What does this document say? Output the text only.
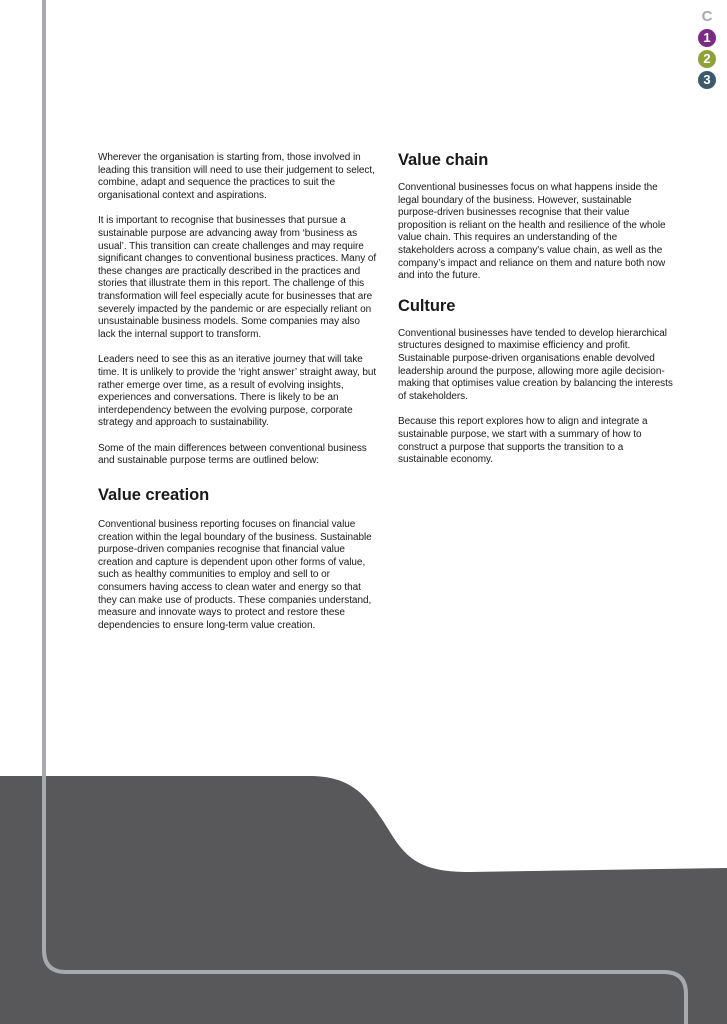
C
1
2
3

Wherever the organisation is starting from, those involved in leading this transition will need to use their judgement to select, combine, adapt and sequence the practices to suit the organisational context and aspirations.

It is important to recognise that businesses that pursue a sustainable purpose are advancing away from ‘business as usual’. This transition can create challenges and may require significant changes to conventional business practices. Many of these changes are practically described in the practices and stories that illustrate them in this report. The challenge of this transformation will feel especially acute for businesses that are severely impacted by the pandemic or are especially reliant on unsustainable business models. Some companies may also lack the internal support to transform.

Leaders need to see this as an iterative journey that will take time. It is unlikely to provide the ‘right answer’ straight away, but rather emerge over time, as a result of evolving insights, experiences and conversations. There is likely to be an interdependency between the evolving purpose, corporate strategy and approach to sustainability.

Some of the main differences between conventional business and sustainable purpose terms are outlined below:

Value creation

Conventional business reporting focuses on financial value creation within the legal boundary of the business. Sustainable purpose-driven companies recognise that financial value creation and capture is dependent upon other forms of value, such as healthy communities to employ and sell to or consumers having access to clean water and energy so that they can make use of products. These companies understand, measure and innovate ways to protect and restore these dependencies to ensure long-term value creation.

Value chain

Conventional businesses focus on what happens inside the legal boundary of the business. However, sustainable purpose-driven businesses recognise that their value proposition is reliant on the health and resilience of the whole value chain. This requires an understanding of the stakeholders across a company’s value chain, as well as the company’s impact and reliance on them and nature both now and into the future.

Culture

Conventional businesses have tended to develop hierarchical structures designed to maximise efficiency and profit. Sustainable purpose-driven organisations enable devolved leadership around the purpose, allowing more agile decision-making that optimises value creation by balancing the interests of stakeholders.

Because this report explores how to align and integrate a sustainable purpose, we start with a summary of how to construct a purpose that supports the transition to a sustainable economy.
